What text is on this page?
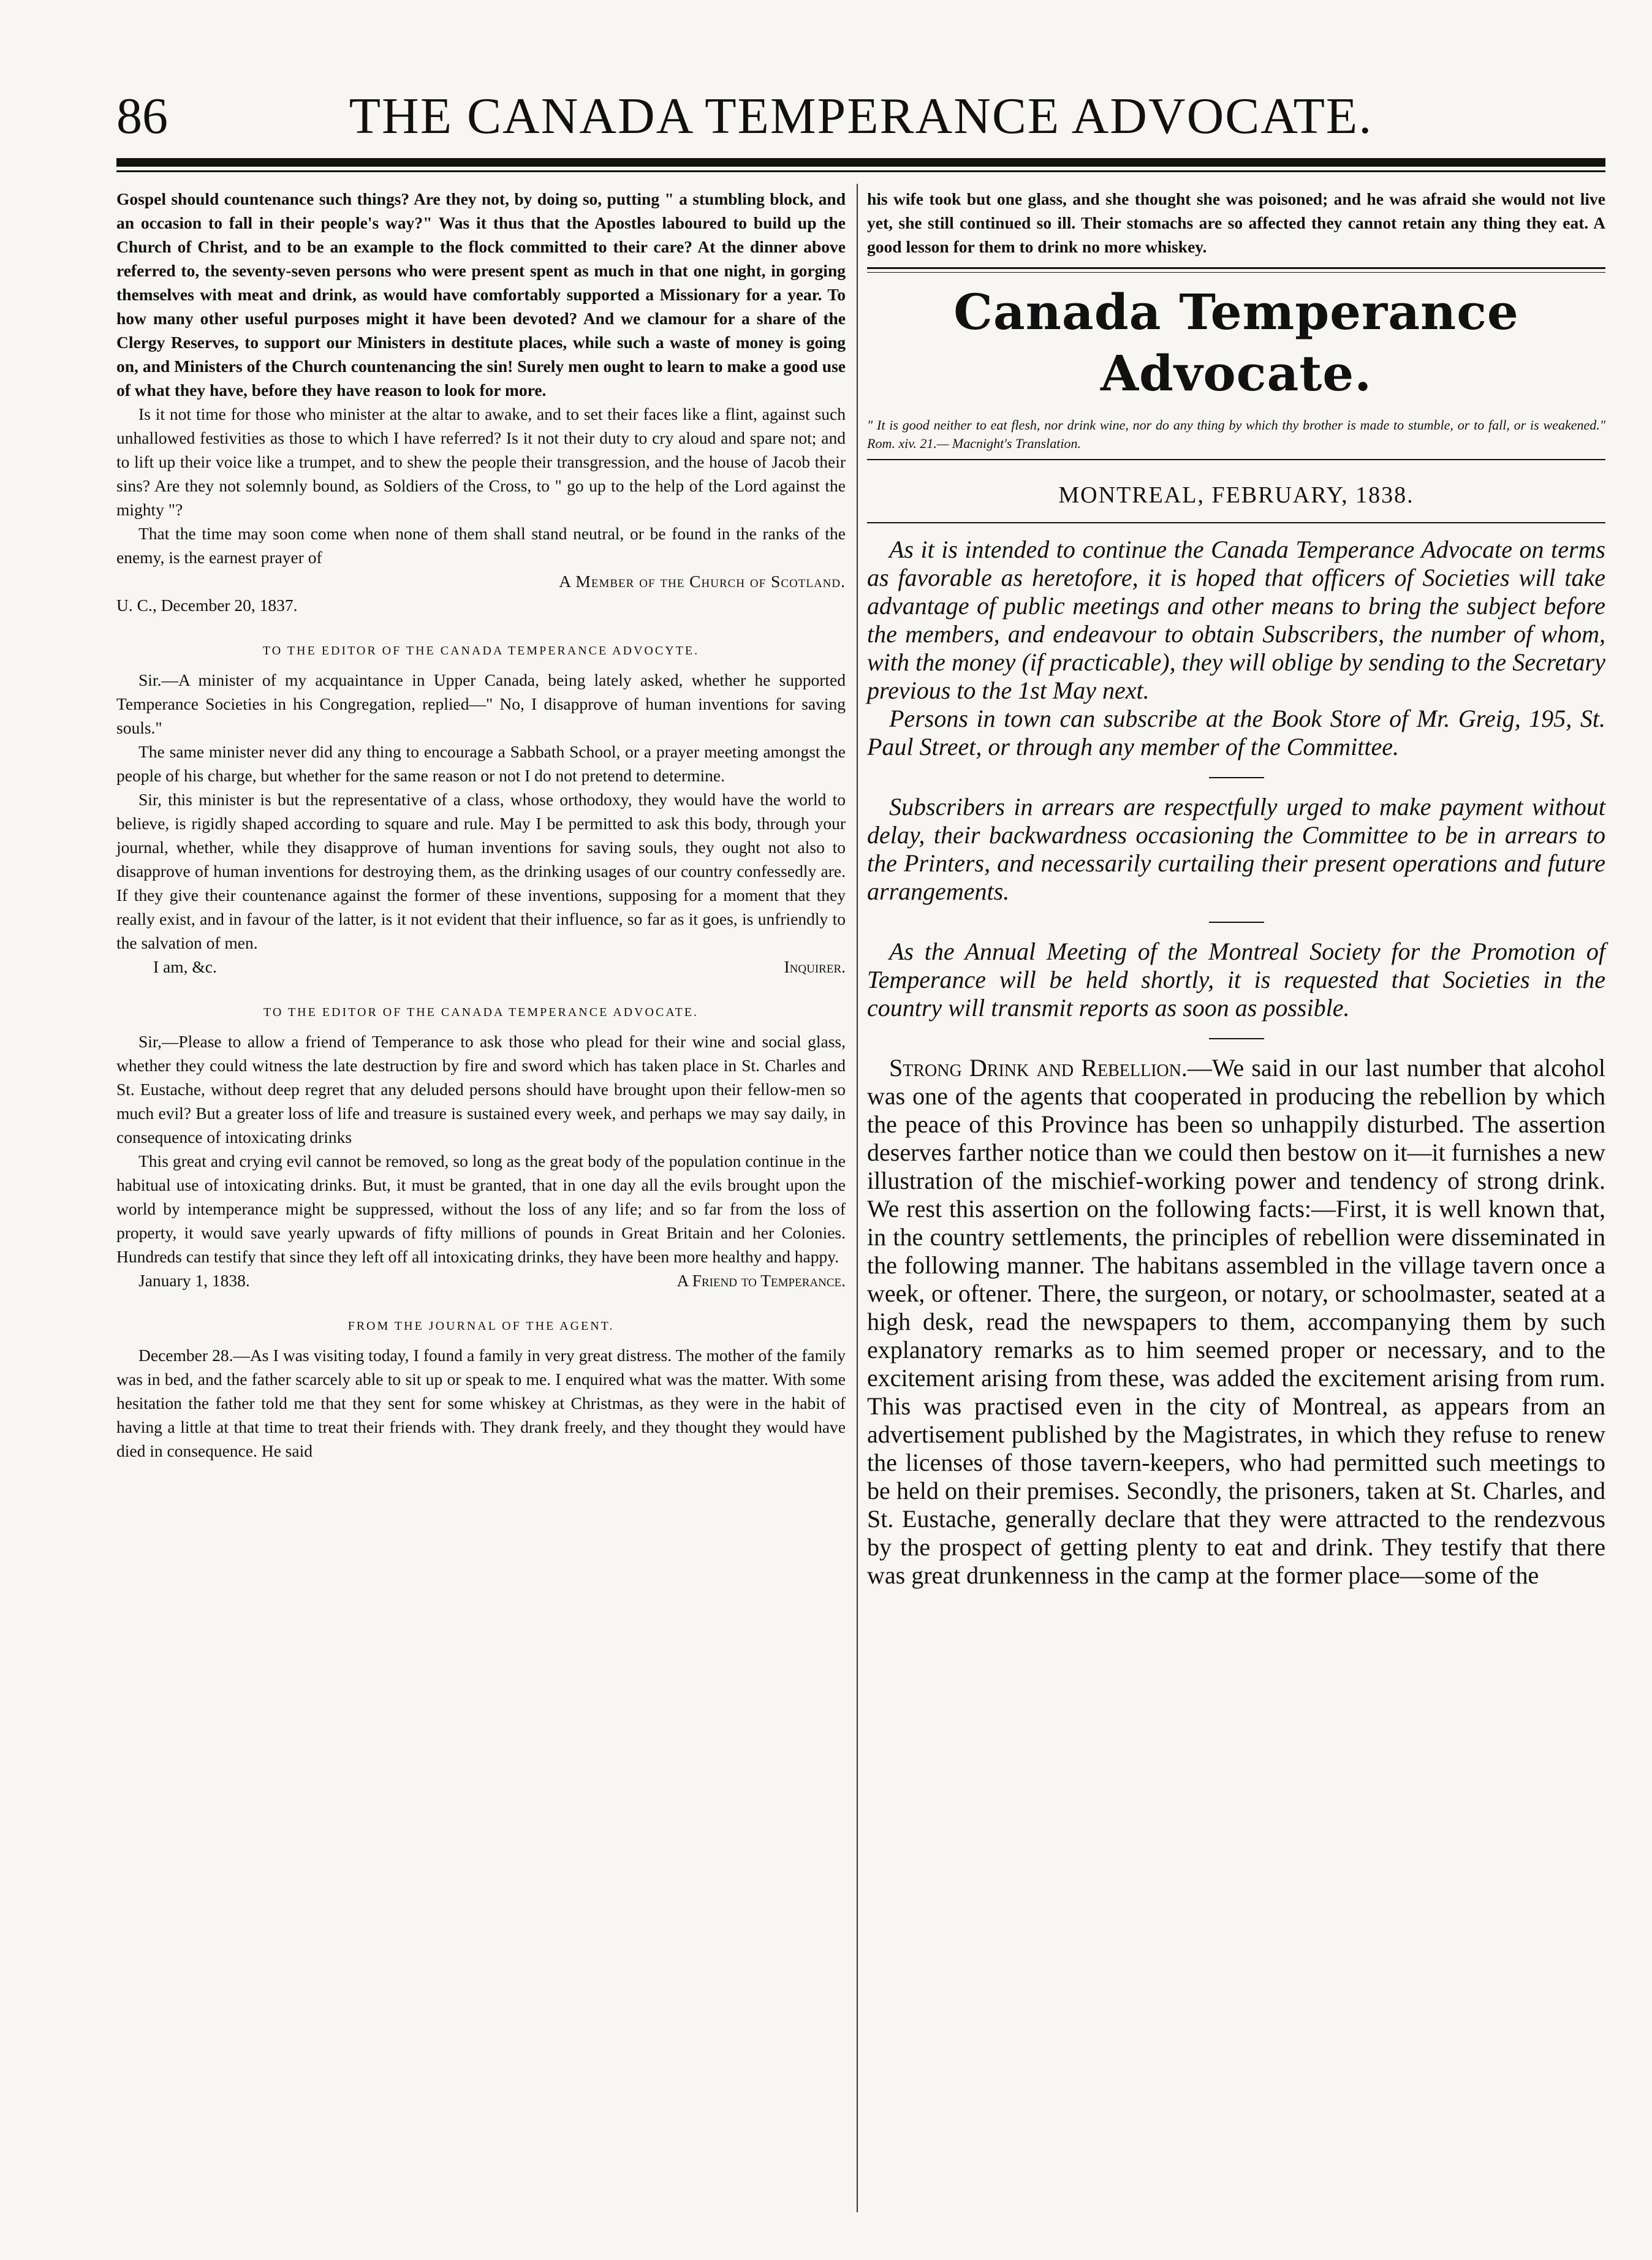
86	THE CANADA TEMPERANCE ADVOCATE.

Gospel should countenance such things? Are they not, by doing so, putting " a stumbling block, and an occasion to fall in their people's way?" Was it thus that the Apostles laboured to build up the Church of Christ, and to be an example to the flock committed to their care? At the dinner above referred to, the seventy-seven persons who were present spent as much in that one night, in gorging themselves with meat and drink, as would have comfortably supported a Missionary for a year. To how many other useful purposes might it have been devoted? And we clamour for a share of the Clergy Reserves, to support our Ministers in destitute places, while such a waste of money is going on, and Ministers of the Church countenancing the sin! Surely men ought to learn to make a good use of what they have, before they have reason to look for more.

Is it not time for those who minister at the altar to awake, and to set their faces like a flint, against such unhallowed festivities as those to which I have referred? Is it not their duty to cry aloud and spare not; and to lift up their voice like a trumpet, and to shew the people their transgression, and the house of Jacob their sins? Are they not solemnly bound, as Soldiers of the Cross, to " go up to the help of the Lord against the mighty "?

That the time may soon come when none of them shall stand neutral, or be found in the ranks of the enemy, is the earnest prayer of

A Member of the Church of Scotland.

U. C., December 20, 1837.

TO THE EDITOR OF THE CANADA TEMPERANCE ADVOCYTE.

Sir.—A minister of my acquaintance in Upper Canada, being lately asked, whether he supported Temperance Societies in his Congregation, replied—" No, I disapprove of human inventions for saving souls."

The same minister never did any thing to encourage a Sabbath School, or a prayer meeting amongst the people of his charge, but whether for the same reason or not I do not pretend to determine.

Sir, this minister is but the representative of a class, whose orthodoxy, they would have the world to believe, is rigidly shaped according to square and rule. May I be permitted to ask this body, through your journal, whether, while they disapprove of human inventions for saving souls, they ought not also to disapprove of human inventions for destroying them, as the drinking usages of our country confessedly are. If they give their countenance against the former of these inventions, supposing for a moment that they really exist, and in favour of the latter, is it not evident that their influence, so far as it goes, is unfriendly to the salvation of men.

I am, &c.	Inquirer.
TO THE EDITOR OF THE CANADA TEMPERANCE ADVOCATE.

Sir,—Please to allow a friend of Temperance to ask those who plead for their wine and social glass, whether they could witness the late destruction by fire and sword which has taken place in St. Charles and St. Eustache, without deep regret that any deluded persons should have brought upon their fellow-men so much evil? But a greater loss of life and treasure is sustained every week, and perhaps we may say daily, in consequence of intoxicating drinks

This great and crying evil cannot be removed, so long as the great body of the population continue in the habitual use of intoxicating drinks. But, it must be granted, that in one day all the evils brought upon the world by intemperance might be suppressed, without the loss of any life; and so far from the loss of property, it would save yearly upwards of fifty millions of pounds in Great Britain and her Colonies. Hundreds can testify that since they left off all intoxicating drinks, they have been more healthy and happy.

January 1, 1838.	A Friend to Temperance.
FROM THE JOURNAL OF THE AGENT.

December 28.—As I was visiting today, I found a family in very great distress. The mother of the family was in bed, and the father scarcely able to sit up or speak to me. I enquired what was the matter. With some hesitation the father told me that they sent for some whiskey at Christmas, as they were in the habit of having a little at that time to treat their friends with. They drank freely, and they thought they would have died in consequence. He said

his wife took but one glass, and she thought she was poisoned; and he was afraid she would not live yet, she still continued so ill. Their stomachs are so affected they cannot retain any thing they eat. A good lesson for them to drink no more whiskey.

Canada Temperance Advocate.

" It is good neither to eat flesh, nor drink wine, nor do any thing by which thy brother is made to stumble, or to fall, or is weakened." Rom. xiv. 21.— Macnight's Translation.

MONTREAL, FEBRUARY, 1838.

As it is intended to continue the Canada Temperance Advocate on terms as favorable as heretofore, it is hoped that officers of Societies will take advantage of public meetings and other means to bring the subject before the members, and endeavour to obtain Subscribers, the number of whom, with the money (if practicable), they will oblige by sending to the Secretary previous to the 1st May next.

Persons in town can subscribe at the Book Store of Mr. Greig, 195, St. Paul Street, or through any member of the Committee.

Subscribers in arrears are respectfully urged to make payment without delay, their backwardness occasioning the Committee to be in arrears to the Printers, and necessarily curtailing their present operations and future arrangements.

As the Annual Meeting of the Montreal Society for the Promotion of Temperance will be held shortly, it is requested that Societies in the country will transmit reports as soon as possible.

Strong Drink and Rebellion.—We said in our last number that alcohol was one of the agents that cooperated in producing the rebellion by which the peace of this Province has been so unhappily disturbed. The assertion deserves farther notice than we could then bestow on it—it furnishes a new illustration of the mischief-working power and tendency of strong drink. We rest this assertion on the following facts:—First, it is well known that, in the country settlements, the principles of rebellion were disseminated in the following manner. The habitans assembled in the village tavern once a week, or oftener. There, the surgeon, or notary, or schoolmaster, seated at a high desk, read the newspapers to them, accompanying them by such explanatory remarks as to him seemed proper or necessary, and to the excitement arising from these, was added the excitement arising from rum. This was practised even in the city of Montreal, as appears from an advertisement published by the Magistrates, in which they refuse to renew the licenses of those tavern-keepers, who had permitted such meetings to be held on their premises. Secondly, the prisoners, taken at St. Charles, and St. Eustache, generally declare that they were attracted to the rendezvous by the prospect of getting plenty to eat and drink. They testify that there was great drunkenness in the camp at the former place—some of the
